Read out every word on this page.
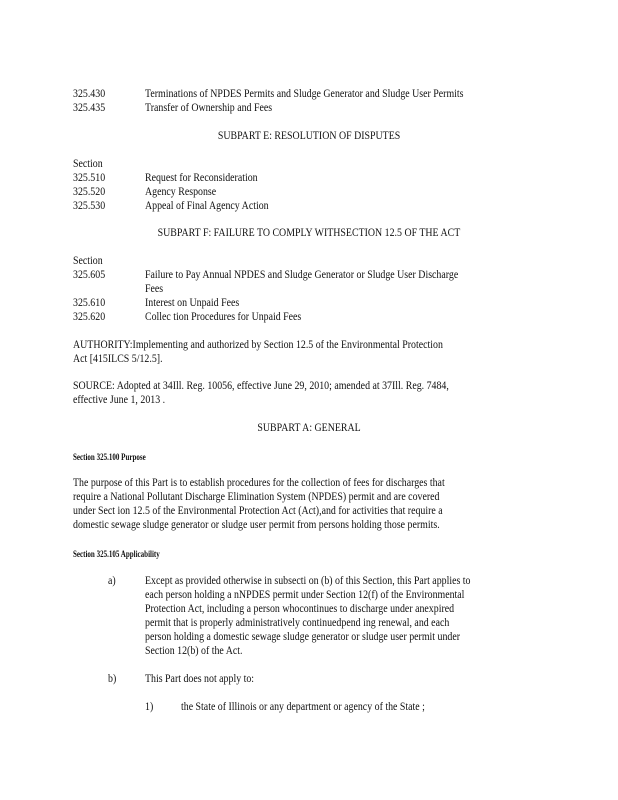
325.430	Terminations of NPDES Permits and Sludge Generator and Sludge User Permits
325.435	Transfer of Ownership and Fees
SUBPART E: RESOLUTION OF DISPUTES
Section
325.510	Request for Reconsideration
325.520	Agency Response
325.530	Appeal of Final Agency Action
SUBPART F: FAILURE TO COMPLY WITHSECTION 12.5 OF THE ACT
Section
325.605	Failure to Pay Annual NPDES and Sludge Generator or Sludge User Discharge
Fees
325.610	Interest on Unpaid Fees
325.620	Collec tion Procedures for Unpaid Fees
AUTHORITY:Implementing and authorized by Section 12.5 of the Environmental Protection
Act [415ILCS 5/12.5].
SOURCE: Adopted at 34Ill. Reg. 10056, effective June 29, 2010; amended at 37Ill. Reg. 7484,
effective June 1, 2013 .
SUBPART A: GENERAL
Section 325.100 Purpose
The purpose of this Part is to establish procedures for the collection of fees for discharges that
require a National Pollutant Discharge Elimination System (NPDES) permit and are covered
under Sect ion 12.5 of the Environmental Protection Act (Act),and for activities that require a
domestic sewage sludge generator or sludge user permit from persons holding those permits.
Section 325.105 Applicability
a)	Except as provided otherwise in subsecti on (b) of this Section, this Part applies to
each person holding a nNPDES permit under Section 12(f) of the Environmental
Protection Act, including a person whocontinues to discharge under anexpired
permit that is properly administratively continuedpend ing renewal, and each
person holding a domestic sewage sludge generator or sludge user permit under
Section 12(b) of the Act.
b) This Part does not apply to:
1) the State of Illinois or any department or agency of the State ;
